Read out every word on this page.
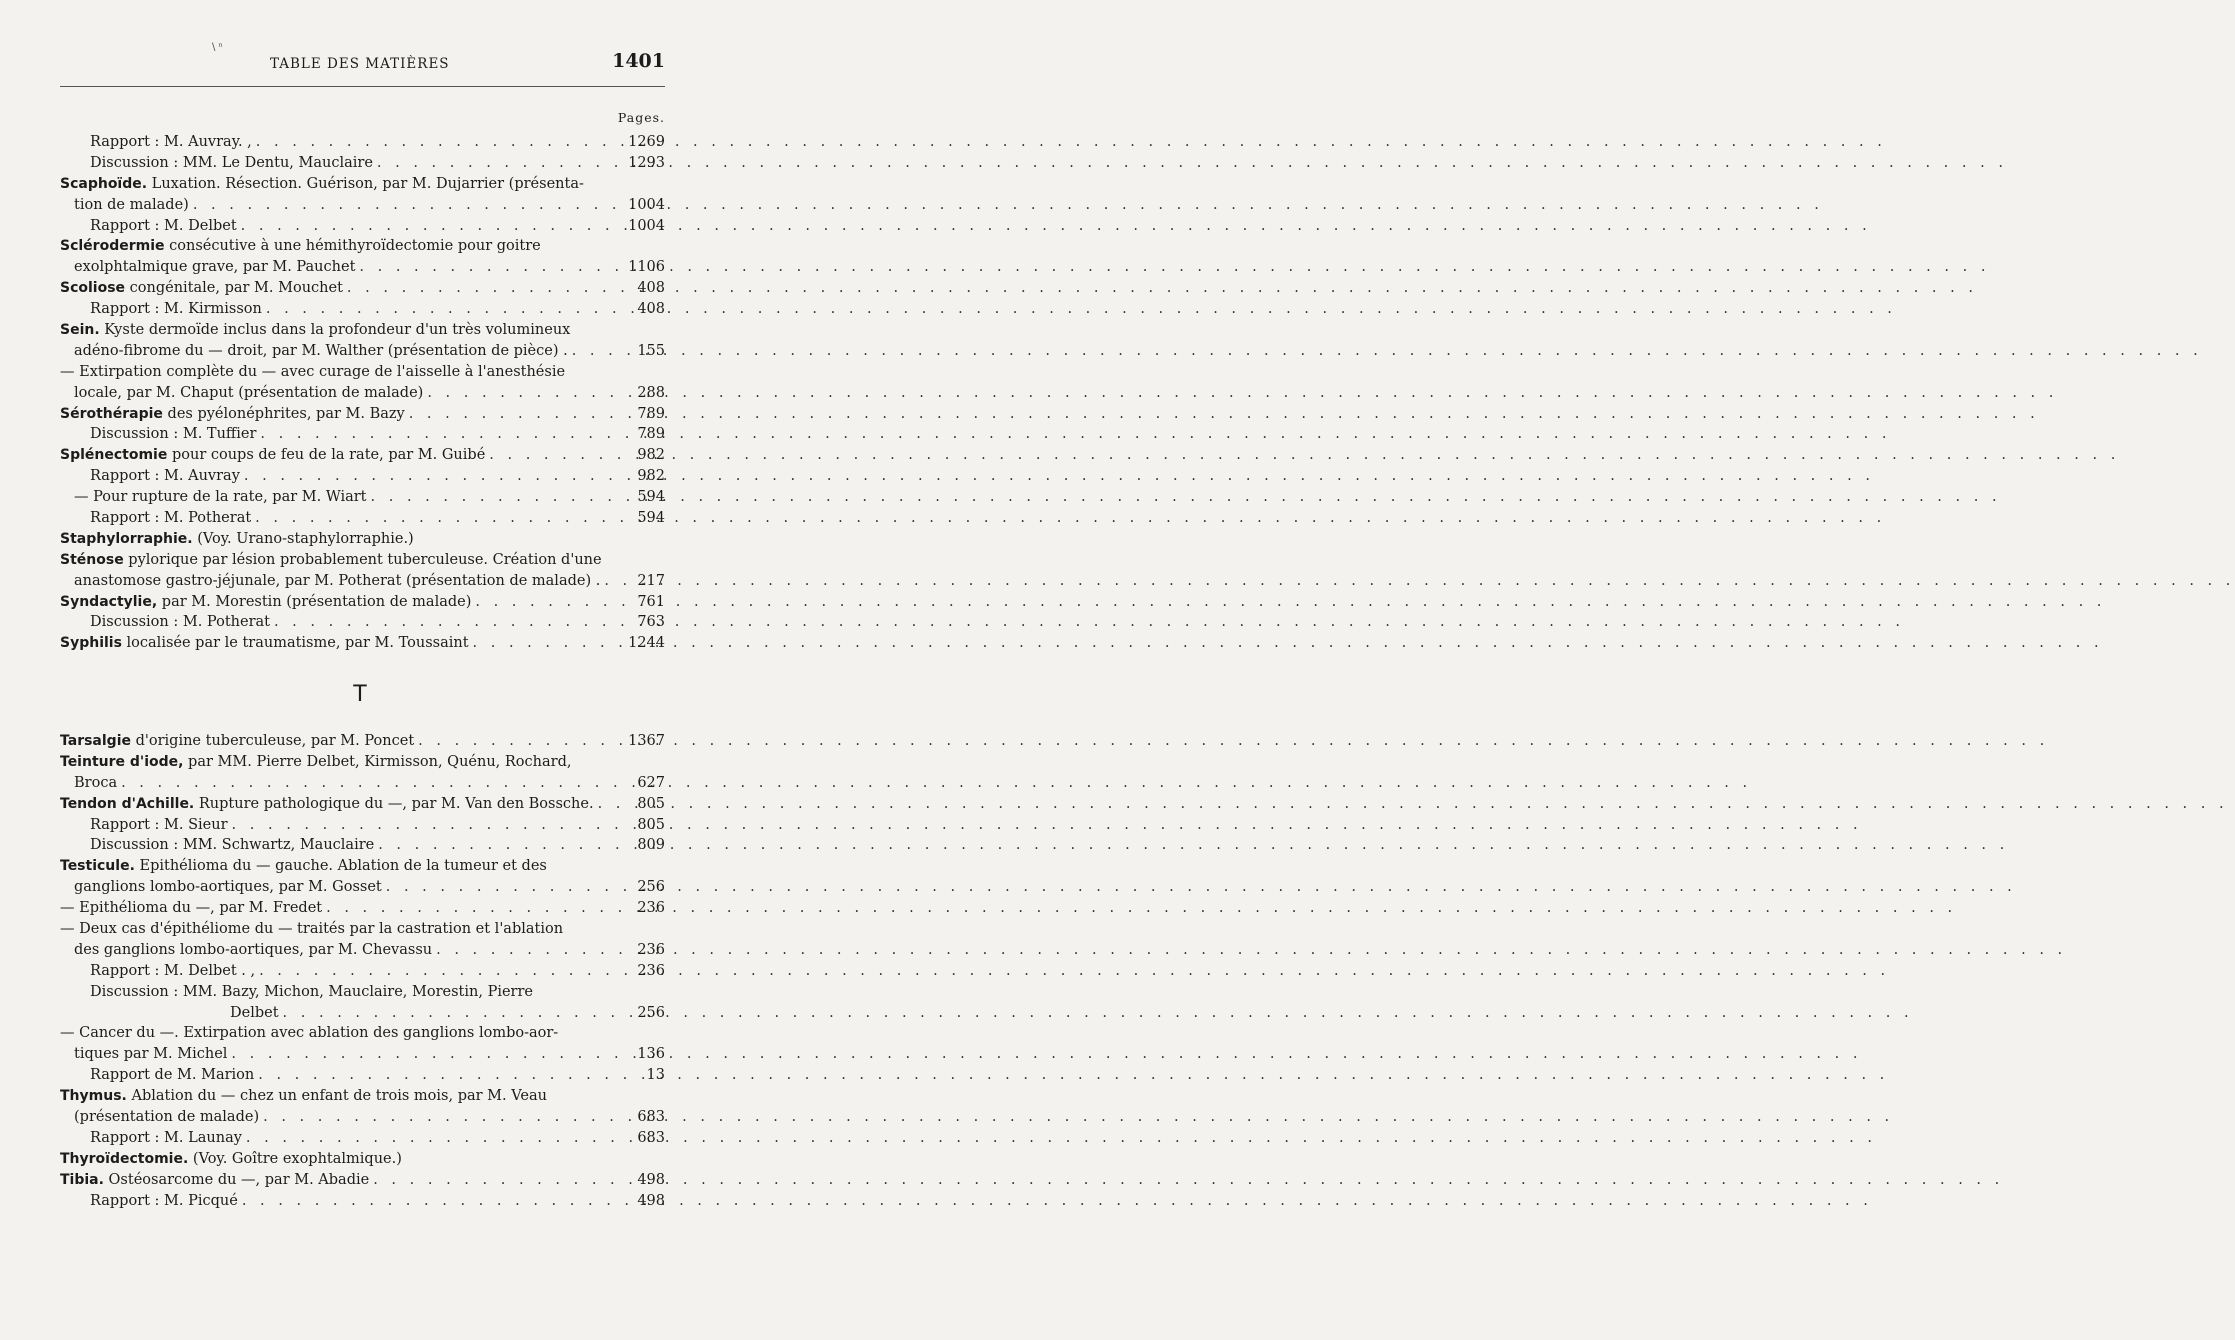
\ ⁿ
TABLE DES MATIÈRES	1401
Pages.
Rapport : M. Auvray. , . . .	1269
Discussion : MM. Le Dentu, Mauclaire . . .	1293
Scaphoïde. Luxation. Résection. Guérison, par M. Dujarrier (présenta-
tion de malade) . . .	1004
Rapport : M. Delbet . . .	1004
Sclérodermie consécutive à une hémithyroïdectomie pour goitre
exolphtalmique grave, par M. Pauchet . . .	1106
Scoliose congénitale, par M. Mouchet . . .	408
Rapport : M. Kirmisson . . .	408
Sein. Kyste dermoïde inclus dans la profondeur d'un très volumineux
adéno-fibrome du — droit, par M. Walther (présentation de pièce) . . . .	155
— Extirpation complète du — avec curage de l'aisselle à l'anesthésie
locale, par M. Chaput (présentation de malade) . . .	288
Sérothérapie des pyélonéphrites, par M. Bazy . . .	789
Discussion : M. Tuffier . . .	789
Splénectomie pour coups de feu de la rate, par M. Guibé . . .	982
Rapport : M. Auvray . . .	982
— Pour rupture de la rate, par M. Wiart . . .	594
Rapport : M. Potherat . . .	594
Staphylorraphie. (Voy. Urano-staphylorraphie.)
Sténose pylorique par lésion probablement tuberculeuse. Création d'une
anastomose gastro-jéjunale, par M. Potherat (présentation de malade) . . . .	217
Syndactylie, par M. Morestin (présentation de malade) . . .	761
Discussion : M. Potherat . . .	763
Syphilis localisée par le traumatisme, par M. Toussaint . . .	1244
T
Tarsalgie d'origine tuberculeuse, par M. Poncet . . .	1367
Teinture d'iode, par MM. Pierre Delbet, Kirmisson, Quénu, Rochard,
Broca . . .	627
Tendon d'Achille. Rupture pathologique du —, par M. Van den Bossche. . . .	805
Rapport : M. Sieur . . .	805
Discussion : MM. Schwartz, Mauclaire . . .	809
Testicule. Epithélioma du — gauche. Ablation de la tumeur et des
ganglions lombo-aortiques, par M. Gosset . . .	256
— Epithélioma du —, par M. Fredet . . .	236
— Deux cas d'épithéliome du — traités par la castration et l'ablation
des ganglions lombo-aortiques, par M. Chevassu . . .	236
Rapport : M. Delbet . , . . .	236
Discussion : MM. Bazy, Michon, Mauclaire, Morestin, Pierre
Delbet . . .	256
— Cancer du —. Extirpation avec ablation des ganglions lombo-aor-
tiques par M. Michel . . .	136
Rapport de M. Marion . . .	13
Thymus. Ablation du — chez un enfant de trois mois, par M. Veau
(présentation de malade) . . .	683
Rapport : M. Launay . . .	683
Thyroïdectomie. (Voy. Goître exophtalmique.)
Tibia. Ostéosarcome du —, par M. Abadie . . .	498
Rapport : M. Picqué . . .	498
